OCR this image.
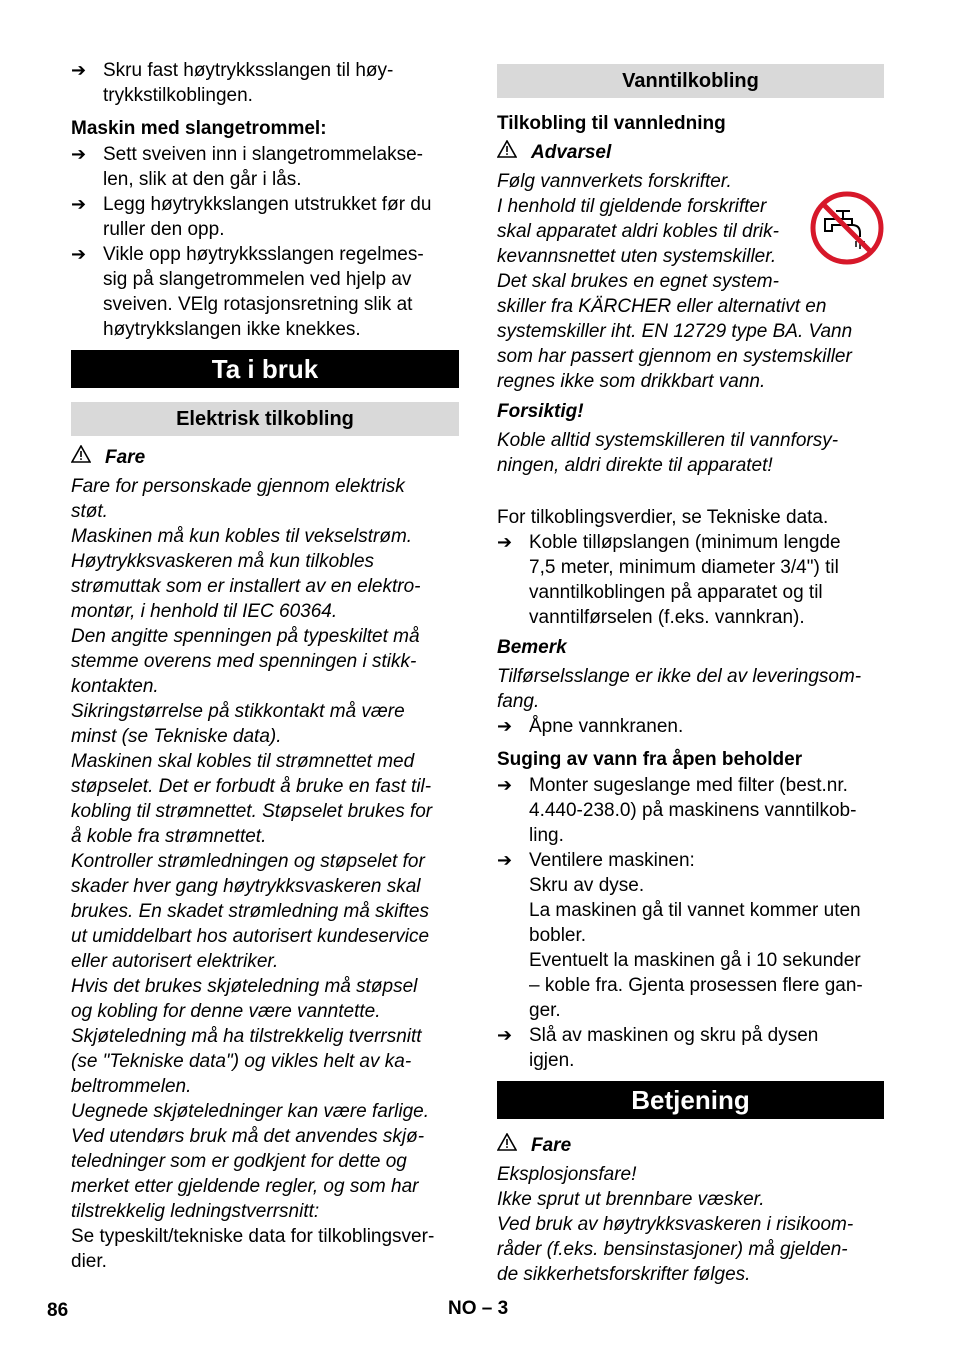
➔ Skru fast høytrykksslangen til høy-

trykkstilkoblingen.

Maskin med slangetrommel:

➔ Sett sveiven inn i slangetrommelakse-

len, slik at den går i lås.

➔ Legg høytrykkslangen utstrukket før du

ruller den opp.

➔ Vikle opp høytrykksslangen regelmes-

sig på slangetrommelen ved hjelp av

sveiven. VElg rotasjonsretning slik at

høytrykkslangen ikke knekkes.

Ta i bruk
Elektrisk tilkobling
Fare

Fare for personskade gjennom elektrisk

støt.

Maskinen må kun kobles til vekselstrøm.

Høytrykksvaskeren må kun tilkobles

strømuttak som er installert av en elektro-

montør, i henhold til IEC 60364.

Den angitte spenningen på typeskiltet må

stemme overens med spenningen i stikk-

kontakten.

Sikringstørrelse på stikkontakt må være

minst (se Tekniske data).

Maskinen skal kobles til strømnettet med

støpselet. Det er forbudt å bruke en fast til-

kobling til strømnettet. Støpselet brukes for

å koble fra strømnettet.

Kontroller strømledningen og støpselet for

skader hver gang høytrykksvaskeren skal

brukes. En skadet strømledning må skiftes

ut umiddelbart hos autorisert kundeservice

eller autorisert elektriker.

Hvis det brukes skjøteledning må støpsel

og kobling for denne være vanntette.

Skjøteledning må ha tilstrekkelig tverrsnitt

(se "Tekniske data") og vikles helt av ka-

beltrommelen.

Uegnede skjøteledninger kan være farlige.

Ved utendørs bruk må det anvendes skjø-

teledninger som er godkjent for dette og

merket etter gjeldende regler, og som har

tilstrekkelig ledningstverrsnitt:

Se typeskilt/tekniske data for tilkoblingsver-

dier.

Vanntilkobling

Tilkobling til vannledning

Advarsel

Følg vannverkets forskrifter.

I henhold til gjeldende forskrifter

skal apparatet aldri kobles til drik-

kevannsnettet uten systemskiller.

Det skal brukes en egnet system-

skiller fra KÄRCHER eller alternativt en

systemskiller iht. EN 12729 type BA. Vann

som har passert gjennom en systemskiller

regnes ikke som drikkbart vann.

Forsiktig!

Koble alltid systemskilleren til vannforsy-

ningen, aldri direkte til apparatet!

For tilkoblingsverdier, se Tekniske data.

➔ Koble tilløpslangen (minimum lengde

7,5 meter, minimum diameter 3/4") til

vanntilkoblingen på apparatet og til

vanntilførselen (f.eks. vannkran).

Bemerk

Tilførselsslange er ikke del av leveringsom-

fang.

➔ Åpne vannkranen.

Suging av vann fra åpen beholder

➔ Monter sugeslange med filter (best.nr.

4.440-238.0) på maskinens vanntilkob-

ling.

➔ Ventilere maskinen:

Skru av dyse.

La maskinen gå til vannet kommer uten

bobler.

Eventuelt la maskinen gå i 10 sekunder

– koble fra. Gjenta prosessen flere gan-

ger.

➔ Slå av maskinen og skru på dysen

igjen.

Betjening
Fare

Eksplosjonsfare!

Ikke sprut ut brennbare væsker.

Ved bruk av høytrykksvaskeren i risikoom-

råder (f.eks. bensinstasjoner) må gjelden-

de sikkerhetsforskrifter følges.

86	NO – 3
